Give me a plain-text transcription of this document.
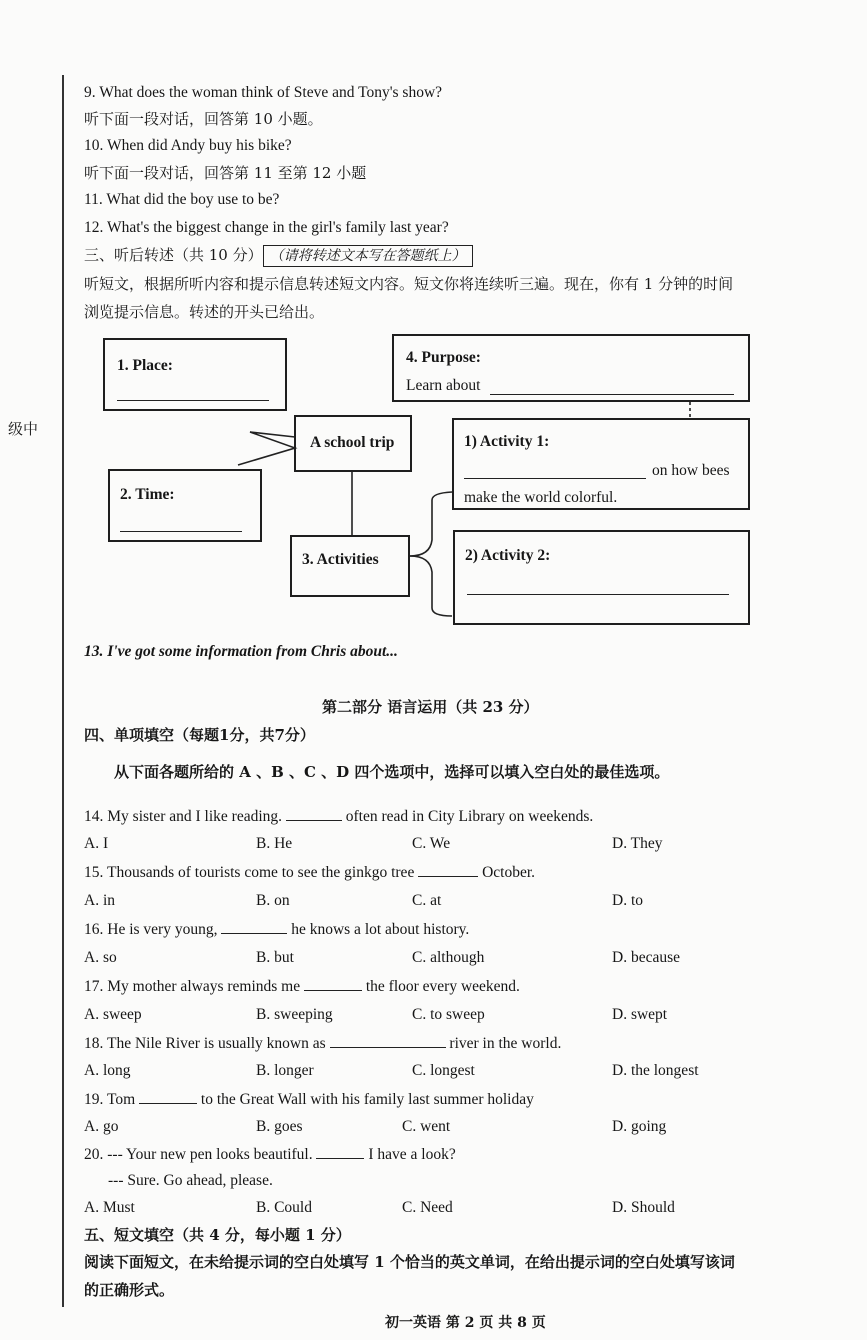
级中
9. What does the woman think of Steve and Tony's show?
听下面一段对话，回答第 10 小题。
10. When did Andy buy his bike?
听下面一段对话，回答第 11 至第 12 小题
11. What did the boy use to be?
12. What's the biggest change in the girl's family last year?
三、听后转述（共 10 分） （请将转述文本写在答题纸上）
听短文，根据所听内容和提示信息转述短文内容。短文你将连续听三遍。现在，你有 1 分钟的时间
浏览提示信息。转述的开头已给出。
1. Place:	4. Purpose:
Learn about
A school trip	1) Activity 1:
on how bees
make the world colorful.
2. Time:
3. Activities	2) Activity 2:
13. I've got some information from Chris about...
第二部分 语言运用（共 23 分）
四、单项填空（每题1分，共7分）
从下面各题所给的 A 、B 、C 、D 四个选项中，选择可以填入空白处的最佳选项。
14. My sister and I like reading.	often read in City Library on weekends.
A. I	B. He	C. We	D. They
15. Thousands of tourists come to see the ginkgo tree	October.
A. in	B. on	C. at	D. to
16. He is very young,	he knows a lot about history.
A. so	B. but	C. although	D. because
17. My mother always reminds me	the floor every weekend.
A. sweep	B. sweeping	C. to sweep	D. swept
18. The Nile River is usually known as	river in the world.
A. long	B. longer	C. longest	D. the longest
19. Tom	to the Great Wall with his family last summer holiday
A. go	B. goes	C. went	D. going
20. --- Your new pen looks beautiful.	I have a look?
--- Sure. Go ahead, please.
A. Must	B. Could	C. Need	D. Should
五、短文填空（共 4 分，每小题 1 分）
阅读下面短文，在未给提示词的空白处填写 1 个恰当的英文单词，在给出提示词的空白处填写该词
的正确形式。
初一英语 第 2 页 共 8 页
